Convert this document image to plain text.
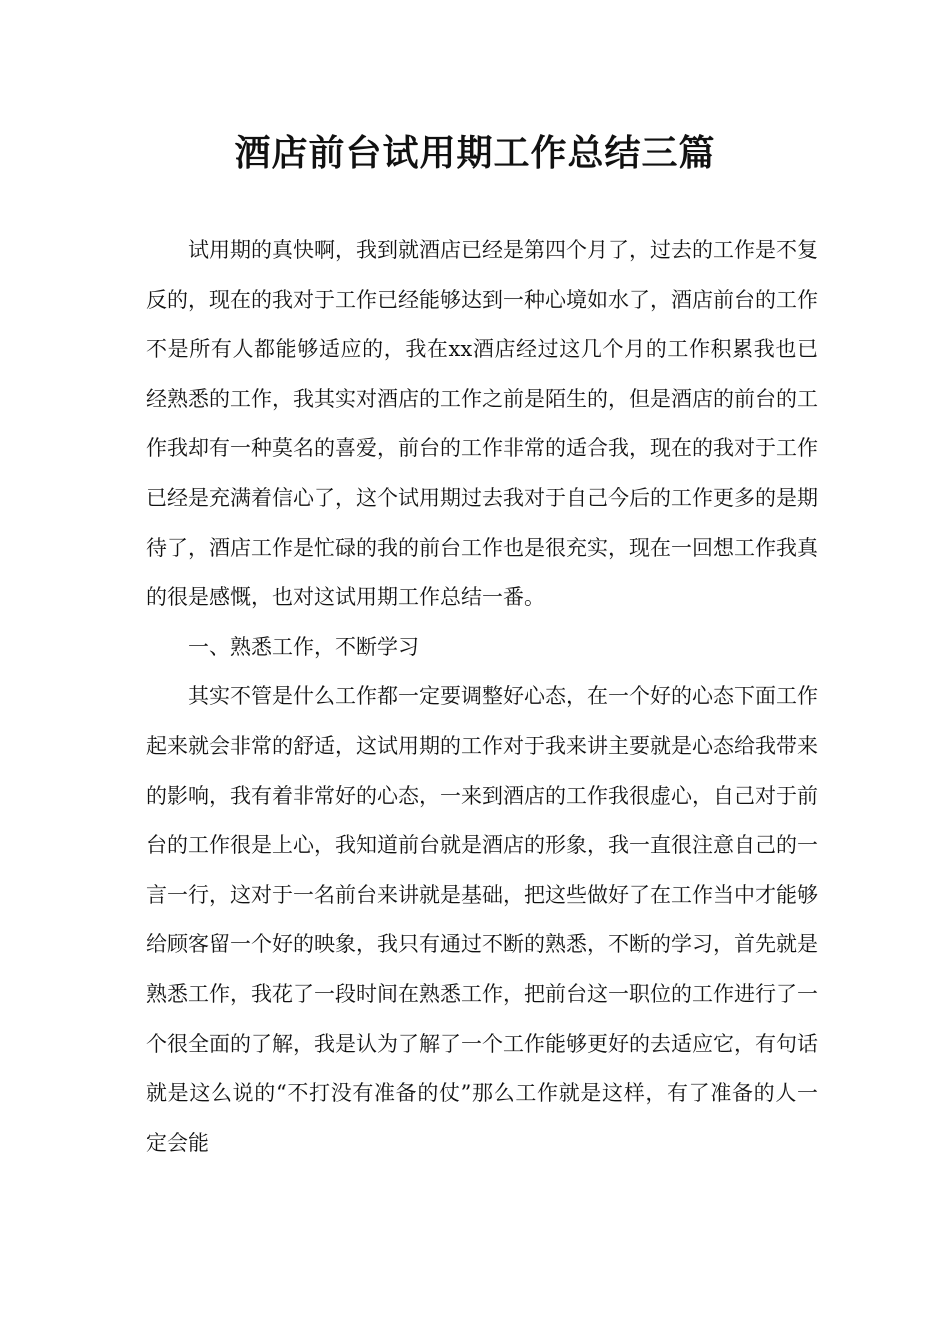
酒店前台试用期工作总结三篇

试用期的真快啊，我到就酒店已经是第四个月了，过去的工作是不复反的，现在的我对于工作已经能够达到一种心境如水了，酒店前台的工作不是所有人都能够适应的，我在xx酒店经过这几个月的工作积累我也已经熟悉的工作，我其实对酒店的工作之前是陌生的，但是酒店的前台的工作我却有一种莫名的喜爱，前台的工作非常的适合我，现在的我对于工作已经是充满着信心了，这个试用期过去我对于自己今后的工作更多的是期待了，酒店工作是忙碌的我的前台工作也是很充实，现在一回想工作我真的很是感慨，也对这试用期工作总结一番。

一、熟悉工作，不断学习

其实不管是什么工作都一定要调整好心态，在一个好的心态下面工作起来就会非常的舒适，这试用期的工作对于我来讲主要就是心态给我带来的影响，我有着非常好的心态，一来到酒店的工作我很虚心，自己对于前台的工作很是上心，我知道前台就是酒店的形象，我一直很注意自己的一言一行，这对于一名前台来讲就是基础，把这些做好了在工作当中才能够给顾客留一个好的映象，我只有通过不断的熟悉，不断的学习，首先就是熟悉工作，我花了一段时间在熟悉工作，把前台这一职位的工作进行了一个很全面的了解，我是认为了解了一个工作能够更好的去适应它，有句话就是这么说的“不打没有准备的仗”那么工作就是这样，有了准备的人一定会能
